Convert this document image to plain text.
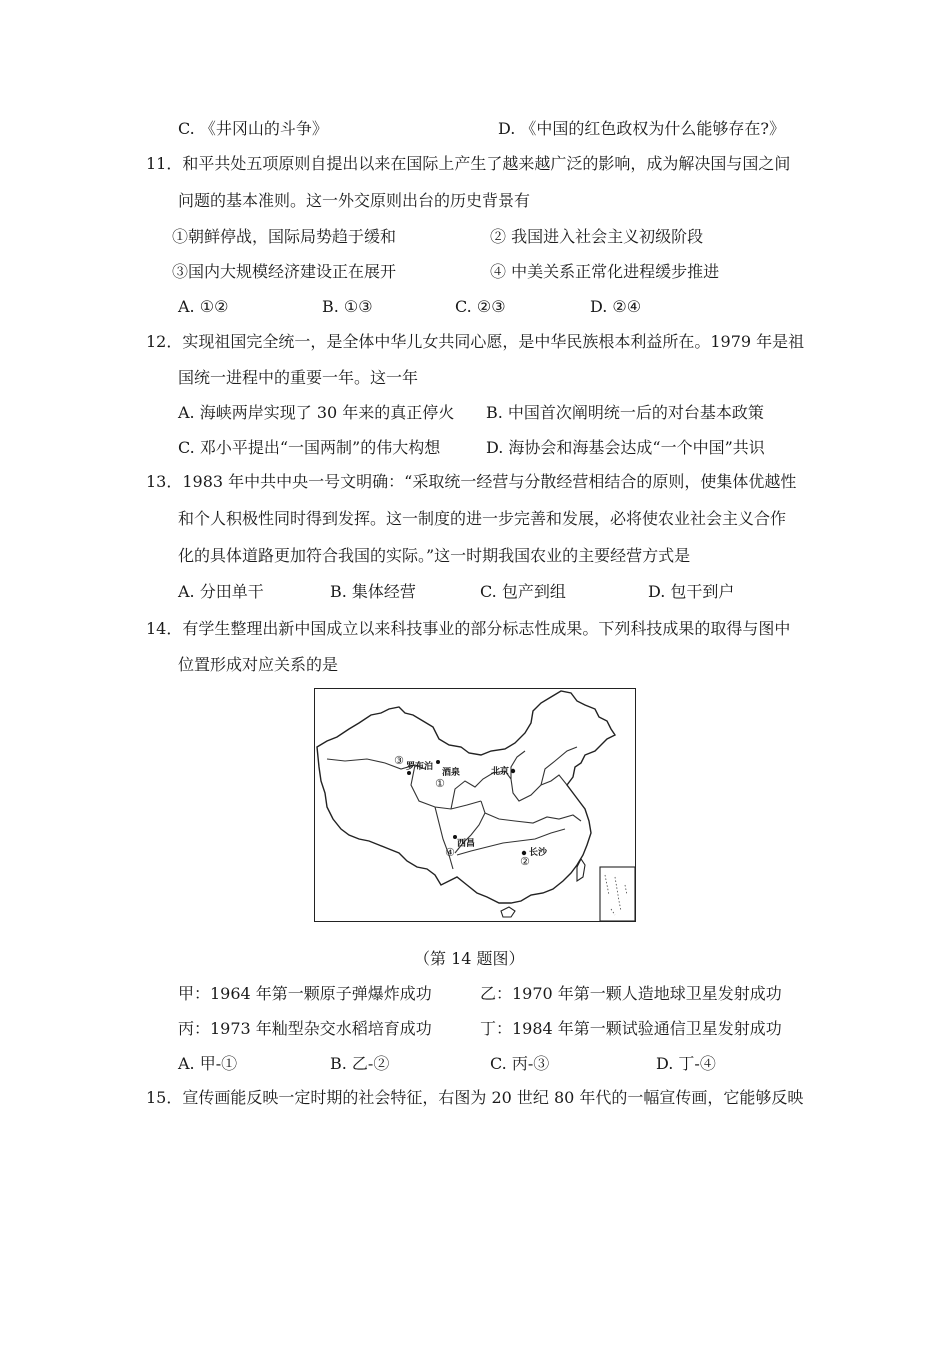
C. 《井冈山的斗争》	D. 《中国的红色政权为什么能够存在?》
11．和平共处五项原则自提出以来在国际上产生了越来越广泛的影响，成为解决国与国之间
问题的基本准则。这一外交原则出台的历史背景有
①朝鲜停战，国际局势趋于缓和	② 我国进入社会主义初级阶段
③国内大规模经济建设正在展开	④ 中美关系正常化进程缓步推进
A. ①②	B. ①③	C. ②③	D. ②④
12．实现祖国完全统一，是全体中华儿女共同心愿，是中华民族根本利益所在。1979 年是祖
国统一进程中的重要一年。这一年
A. 海峡两岸实现了 30 年来的真正停火 B. 中国首次阐明统一后的对台基本政策
C. 邓小平提出“一国两制”的伟大构想	D. 海协会和海基会达成“一个中国”共识
13．1983 年中共中央一号文明确：“采取统一经营与分散经营相结合的原则，使集体优越性
和个人积极性同时得到发挥。这一制度的进一步完善和发展，必将使农业社会主义合作
化的具体道路更加符合我国的实际。”这一时期我国农业的主要经营方式是
A. 分田单干	B. 集体经营	C. 包产到组	D. 包干到户
14．有学生整理出新中国成立以来科技事业的部分标志性成果。下列科技成果的取得与图中
位置形成对应关系的是
③ 罗布泊
酒泉
①
北京
西昌
④	长沙
②
（第 14 题图）
甲：1964 年第一颗原子弹爆炸成功	乙：1970 年第一颗人造地球卫星发射成功
丙：1973 年籼型杂交水稻培育成功	丁：1984 年第一颗试验通信卫星发射成功
A. 甲-①	B. 乙-②	C. 丙-③	D. 丁-④
15．宣传画能反映一定时期的社会特征，右图为 20 世纪 80 年代的一幅宣传画，它能够反映
